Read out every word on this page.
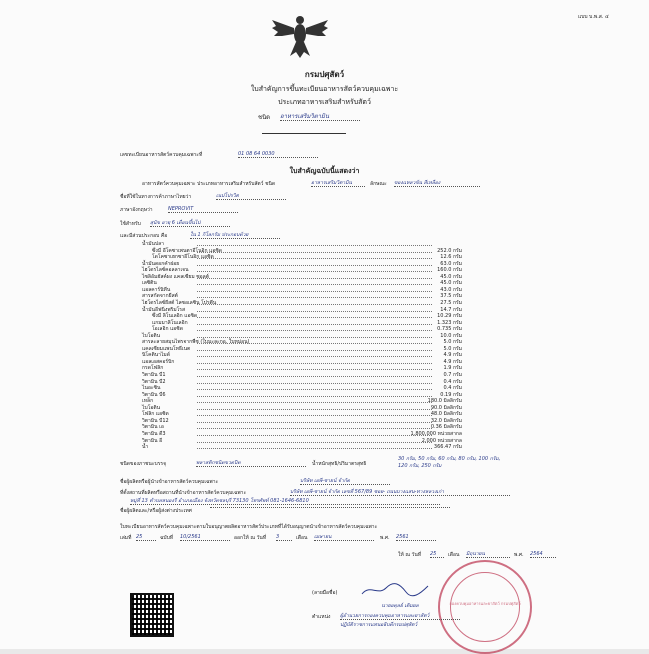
แบบ บ.พ.ส. ๔
กรมปศุสัตว์
ใบสำคัญการขึ้นทะเบียนอาหารสัตว์ควบคุมเฉพาะ
ประเภทอาหารเสริมสำหรับสัตว์
ชนิด อาหารเสริมวิตามิน
เลขทะเบียนอาหารสัตว์ควบคุมเฉพาะที่	01 08 64 0030
ใบสำคัญฉบับนี้แสดงว่า
อาหารสัตว์ควบคุมเฉพาะ ประเภทอาหารเสริมสำหรับสัตว์ ชนิด	อาหารเสริมวิตามิน	ลักษณะ ของแหลวข้น สีเหลือง
ชื่อที่ใช้ในทางการค้าภาษาไทยว่า	เนปโปรวิต
ภาษาอังกฤษว่า	NEPROVIT
ใช้สำหรับ สุนัข อายุ 6 เดือนขึ้นไป
และมีส่วนประกอบ คือ	ใน 1 กิโลกรัม ประกอบด้วย
น้ำมันปลา
ซึ่งมี อีโคซาเพนตาอีโนอิก แอซิด	252.0 กรัม
โดโคซาเฮกซาอีโนอิก แอซิด	12.6 กรัม
น้ำมันดอกคำฝอย	63.0 กรัม
ไฮโดรไลซ์คอลลาเจน	160.0 กรัม
ไซลิอัมฮัสค์ผง แคลเซียม ซอลต์	45.0 กรัม
เลซิติน	45.0 กรัม
แอลคาร์นิทีน	43.0 กรัม
สารสกัดจากยีสต์	37.5 กรัม
ไฮโดรไลซ์ยีสต์ ไลซอเลซิน โปรตีน	27.5 กรัม
น้ำมันอีฟนิ่งพริมโรส	14.7 กรัม
ซึ่งมี ลิโนเลอิก แอซิด	10.29 กรัม
แกมมาลิโนเลอิก	1.323 กรัม
โอเลอิก แอซิด	0.735 กรัม
ไบโอติน	10.0 กรัม
สารละลายสมุนไพรจากพืช (ใบมะละกอ, ใบหม่อน)	5.0 กรัม
แคลเซียมแพนโทธีเนต	5.0 กรัม
นิโคตินาไมด์	4.9 กรัม
แอลเอสคอร์บิก	4.9 กรัม
กรดโฟลิก	1.9 กรัม
วิตามิน บี1	0.7 กรัม
วิตามิน บี2	0.4 กรัม
ไนอะซิน	0.4 กรัม
วิตามิน บี6	0.19 กรัม
เหล็ก	180.0 มิลลิกรัม
ไบโอติน	90.0 มิลลิกรัม
โฟลิก แอซิด	48.0 มิลลิกรัม
วิตามิน บี12	32.0 มิลลิกรัม
วิตามิน เอ	0.36 มิลลิกรัม
วิตามิน ดี3	1,800,000 หน่วยสากล
วิตามิน อี	2,000 หน่วยสากล
น้ำ	366.47 กรัม
ชนิดของภาชนะบรรจุ	พลาสติกชนิดขวดปิด	น้ำหนักสุทธิ/ปริมาตรสุทธิ
30 กรัม, 50 กรัม, 60 กรัม, 80 กรัม, 100 กรัม, 120 กรัม, 250 กรัม
ชื่อผู้ผลิตหรือผู้นำเข้าอาหารสัตว์ควบคุมเฉพาะ	บริษัท เอพี-ซายน์ จำกัด
ที่ตั้งสถานที่ผลิตหรือสถานที่นำเข้าอาหารสัตว์ควบคุมเฉพาะ	บริษัท เอพี-ซายน์ จำกัด เลขที่ 567/89 ซอย- ถนนบางแสน-ทางหลวงเก่า
หมู่ที่ 13 ตำบลหนองรี อำเภอเมือง จังหวัดชลบุรี 73130 โทรศัพท์ 081-1646-6810
ชื่อผู้ผลิตและ/หรือผู้ส่งต่างประเทศ
ใบทะเบียนอาหารสัตว์ควบคุมเฉพาะตามใบอนุญาตผลิตอาหารสัตว์ประเภทที่ได้รับอนุญาตนำเข้าอาหารสัตว์ควบคุมเฉพาะ
เล่มที่ 25	ฉบับที่ 10/2561	ออกให้ ณ วันที่ 3	เดือน เมษายน	พ.ศ. 2561
ให้ ณ วันที่ 25	เดือน มิถุนายน	พ.ศ. 2564
กองควบคุมอาหารและยาสัตว์ กรมปศุสัตว์
(ลายมือชื่อ)
นายอดุลย์ เติมผล
ตำแหน่ง ผู้อำนวยการกองควบคุมอาหารและยาสัตว์
ปฏิบัติราชการแทนอธิบดีกรมปศุสัตว์
